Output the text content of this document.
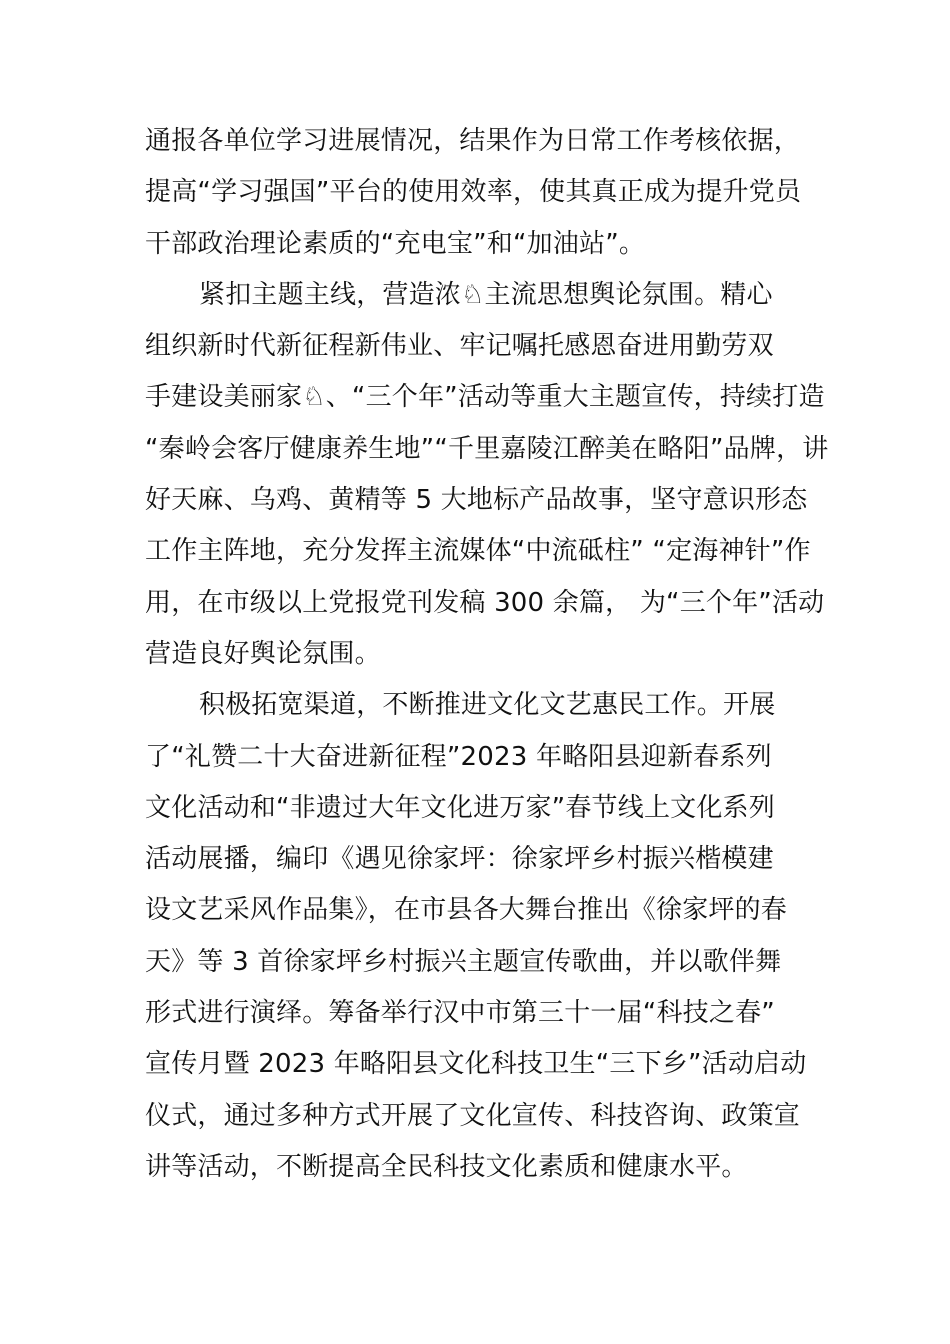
通报各单位学习进展情况，结果作为日常工作考核依据，
提高“学习强国”平台的使用效率，使其真正成为提升党员
干部政治理论素质的“充电宝”和“加油站”。
紧扣主题主线，营造浓♘主流思想舆论氛围。精心
组织新时代新征程新伟业、牢记嘱托感恩奋进用勤劳双
手建设美丽家♘、“三个年”活动等重大主题宣传，持续打造
“秦岭会客厅健康养生地”“千里嘉陵江醉美在略阳”品牌，讲
好天麻、乌鸡、黄精等 5 大地标产品故事，坚守意识形态
工作主阵地，充分发挥主流媒体“中流砥柱” “定海神针”作
用，在市级以上党报党刊发稿 300 余篇， 为“三个年”活动
营造良好舆论氛围。
积极拓宽渠道，不断推进文化文艺惠民工作。开展
了“礼赞二十大奋进新征程”2023 年略阳县迎新春系列
文化活动和“非遗过大年文化进万家”春节线上文化系列
活动展播，编印《遇见徐家坪：徐家坪乡村振兴楷模建
设文艺采风作品集》，在市县各大舞台推出《徐家坪的春
天》等 3 首徐家坪乡村振兴主题宣传歌曲，并以歌伴舞
形式进行演绎。筹备举行汉中市第三十一届“科技之春”
宣传月暨 2023 年略阳县文化科技卫生“三下乡”活动启动
仪式，通过多种方式开展了文化宣传、科技咨询、政策宣
讲等活动，不断提高全民科技文化素质和健康水平。
